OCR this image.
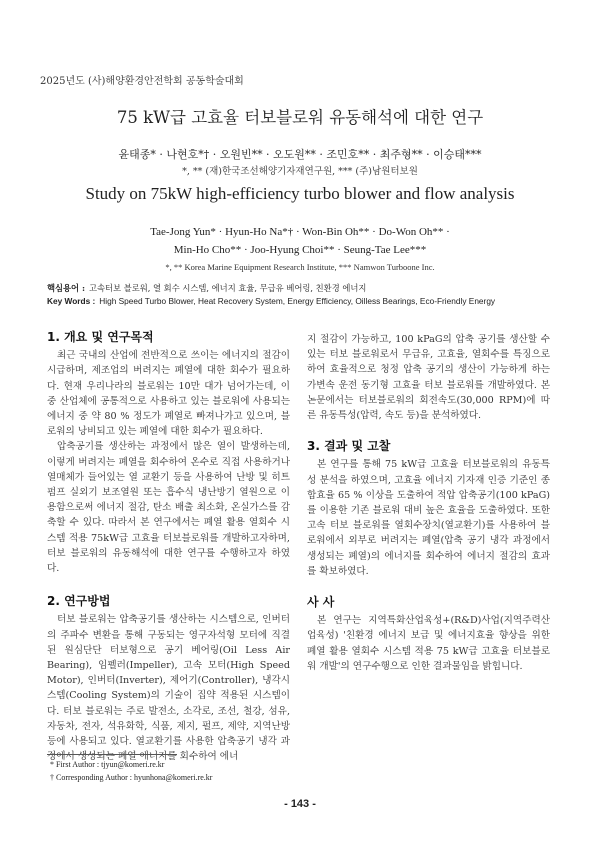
2025년도 (사)해양환경안전학회 공동학술대회
75 kW급 고효율 터보블로워 유동해석에 대한 연구
윤태종* · 나현호*† · 오원빈** · 오도원** · 조민호** · 최주형** · 이승태***
*, ** (재)한국조선해양기자재연구원, *** (주)남원터보원
Study on 75kW high-efficiency turbo blower and flow analysis
Tae-Jong Yun* · Hyun-Ho Na*† · Won-Bin Oh** · Do-Won Oh** ·
Min-Ho Cho** · Joo-Hyung Choi** · Seung-Tae Lee***
*, ** Korea Marine Equipment Research Institute, *** Namwon Turboone Inc.
핵심용어 : 고속터보 블로워, 열 회수 시스템, 에너지 효율, 무급유 베어링, 친환경 에너지
Key Words : High Speed Turbo Blower, Heat Recovery System, Energy Efficiency, Oilless Bearings, Eco-Friendly Energy
1. 개요 및 연구목적

최근 국내의 산업에 전반적으로 쓰이는 에너지의 절감이 시급하며, 제조업의 버려지는 폐열에 대한 회수가 필요하다. 현재 우리나라의 블로워는 10만 대가 넘어가는데, 이 중 산업체에 공통적으로 사용하고 있는 블로워에 사용되는 에너지 중 약 80 % 정도가 폐열로 빠져나가고 있으며, 블로워의 낭비되고 있는 폐열에 대한 회수가 필요하다.

압축공기를 생산하는 과정에서 많은 열이 발생하는데, 이렇게 버려지는 폐열을 회수하여 온수로 직접 사용하거나 열매체가 들어있는 열 교환기 등을 사용하여 난방 및 히트펌프 실외기 보조열원 또는 흡수식 냉난방기 열원으로 이용함으로써 에너지 절감, 탄소 배출 최소화, 온실가스를 감축할 수 있다. 따라서 본 연구에서는 폐열 활용 열회수 시스템 적용 75kW급 고효율 터보블로워를 개발하고자하며, 터보 블로워의 유동해석에 대한 연구를 수행하고자 하였다.

2. 연구방법

터보 블로워는 압축공기를 생산하는 시스템으로, 인버터의 주파수 변환을 통해 구동되는 영구자석형 모터에 직결된 원심단단 터보형으로 공기 베어링(Oil Less Air Bearing), 임펠러(Impeller), 고속 모터(High Speed Motor), 인버터(Inverter), 제어기(Controller), 냉각시스템(Cooling System)의 기술이 집약 적용된 시스템이다. 터보 블로워는 주로 발전소, 소각로, 조선, 철강, 섬유, 자동차, 전자, 석유화학, 식품, 제지, 펄프, 제약, 지역난방 등에 사용되고 있다. 열교환기를 사용한 압축공기 냉각 과정에서 생성되는 폐열 에너지를 회수하여 에너

지 절감이 가능하고, 100 kPaG의 압축 공기를 생산할 수 있는 터보 블로워로서 무급유, 고효율, 열회수를 특징으로 하여 효율적으로 청정 압축 공기의 생산이 가능하게 하는 가변속 운전 동기형 고효율 터보 블로워를 개발하였다. 본 논문에서는 터보블로워의 회전속도(30,000 RPM)에 따른 유동특성(압력, 속도 등)을 분석하였다.

3. 결과 및 고찰

본 연구를 통해 75 kW급 고효율 터보블로워의 유동특성 분석을 하였으며, 고효율 에너지 기자재 인증 기준인 종합효율 65 % 이상을 도출하여 적압 압축공기(100 kPaG)를 이용한 기존 블로워 대비 높은 효율을 도출하였다. 또한 고속 터보 블로워를 열회수장치(열교환기)를 사용하여 블로워에서 외부로 버려지는 폐열(압축 공기 냉각 과정에서 생성되는 폐열)의 에너지를 회수하여 에너지 절감의 효과를 확보하였다.

사 사

본 연구는 지역특화산업육성+(R&D)사업(지역주력산업육성) '친환경 에너지 보급 및 에너지효율 향상을 위한 폐열 활용 열회수 시스템 적용 75 kW급 고효율 터보블로워 개발'의 연구수행으로 인한 결과물임을 밝힙니다.

* First Author : tjyun@komeri.re.kr
† Corresponding Author : hyunhona@komeri.re.kr
- 143 -
